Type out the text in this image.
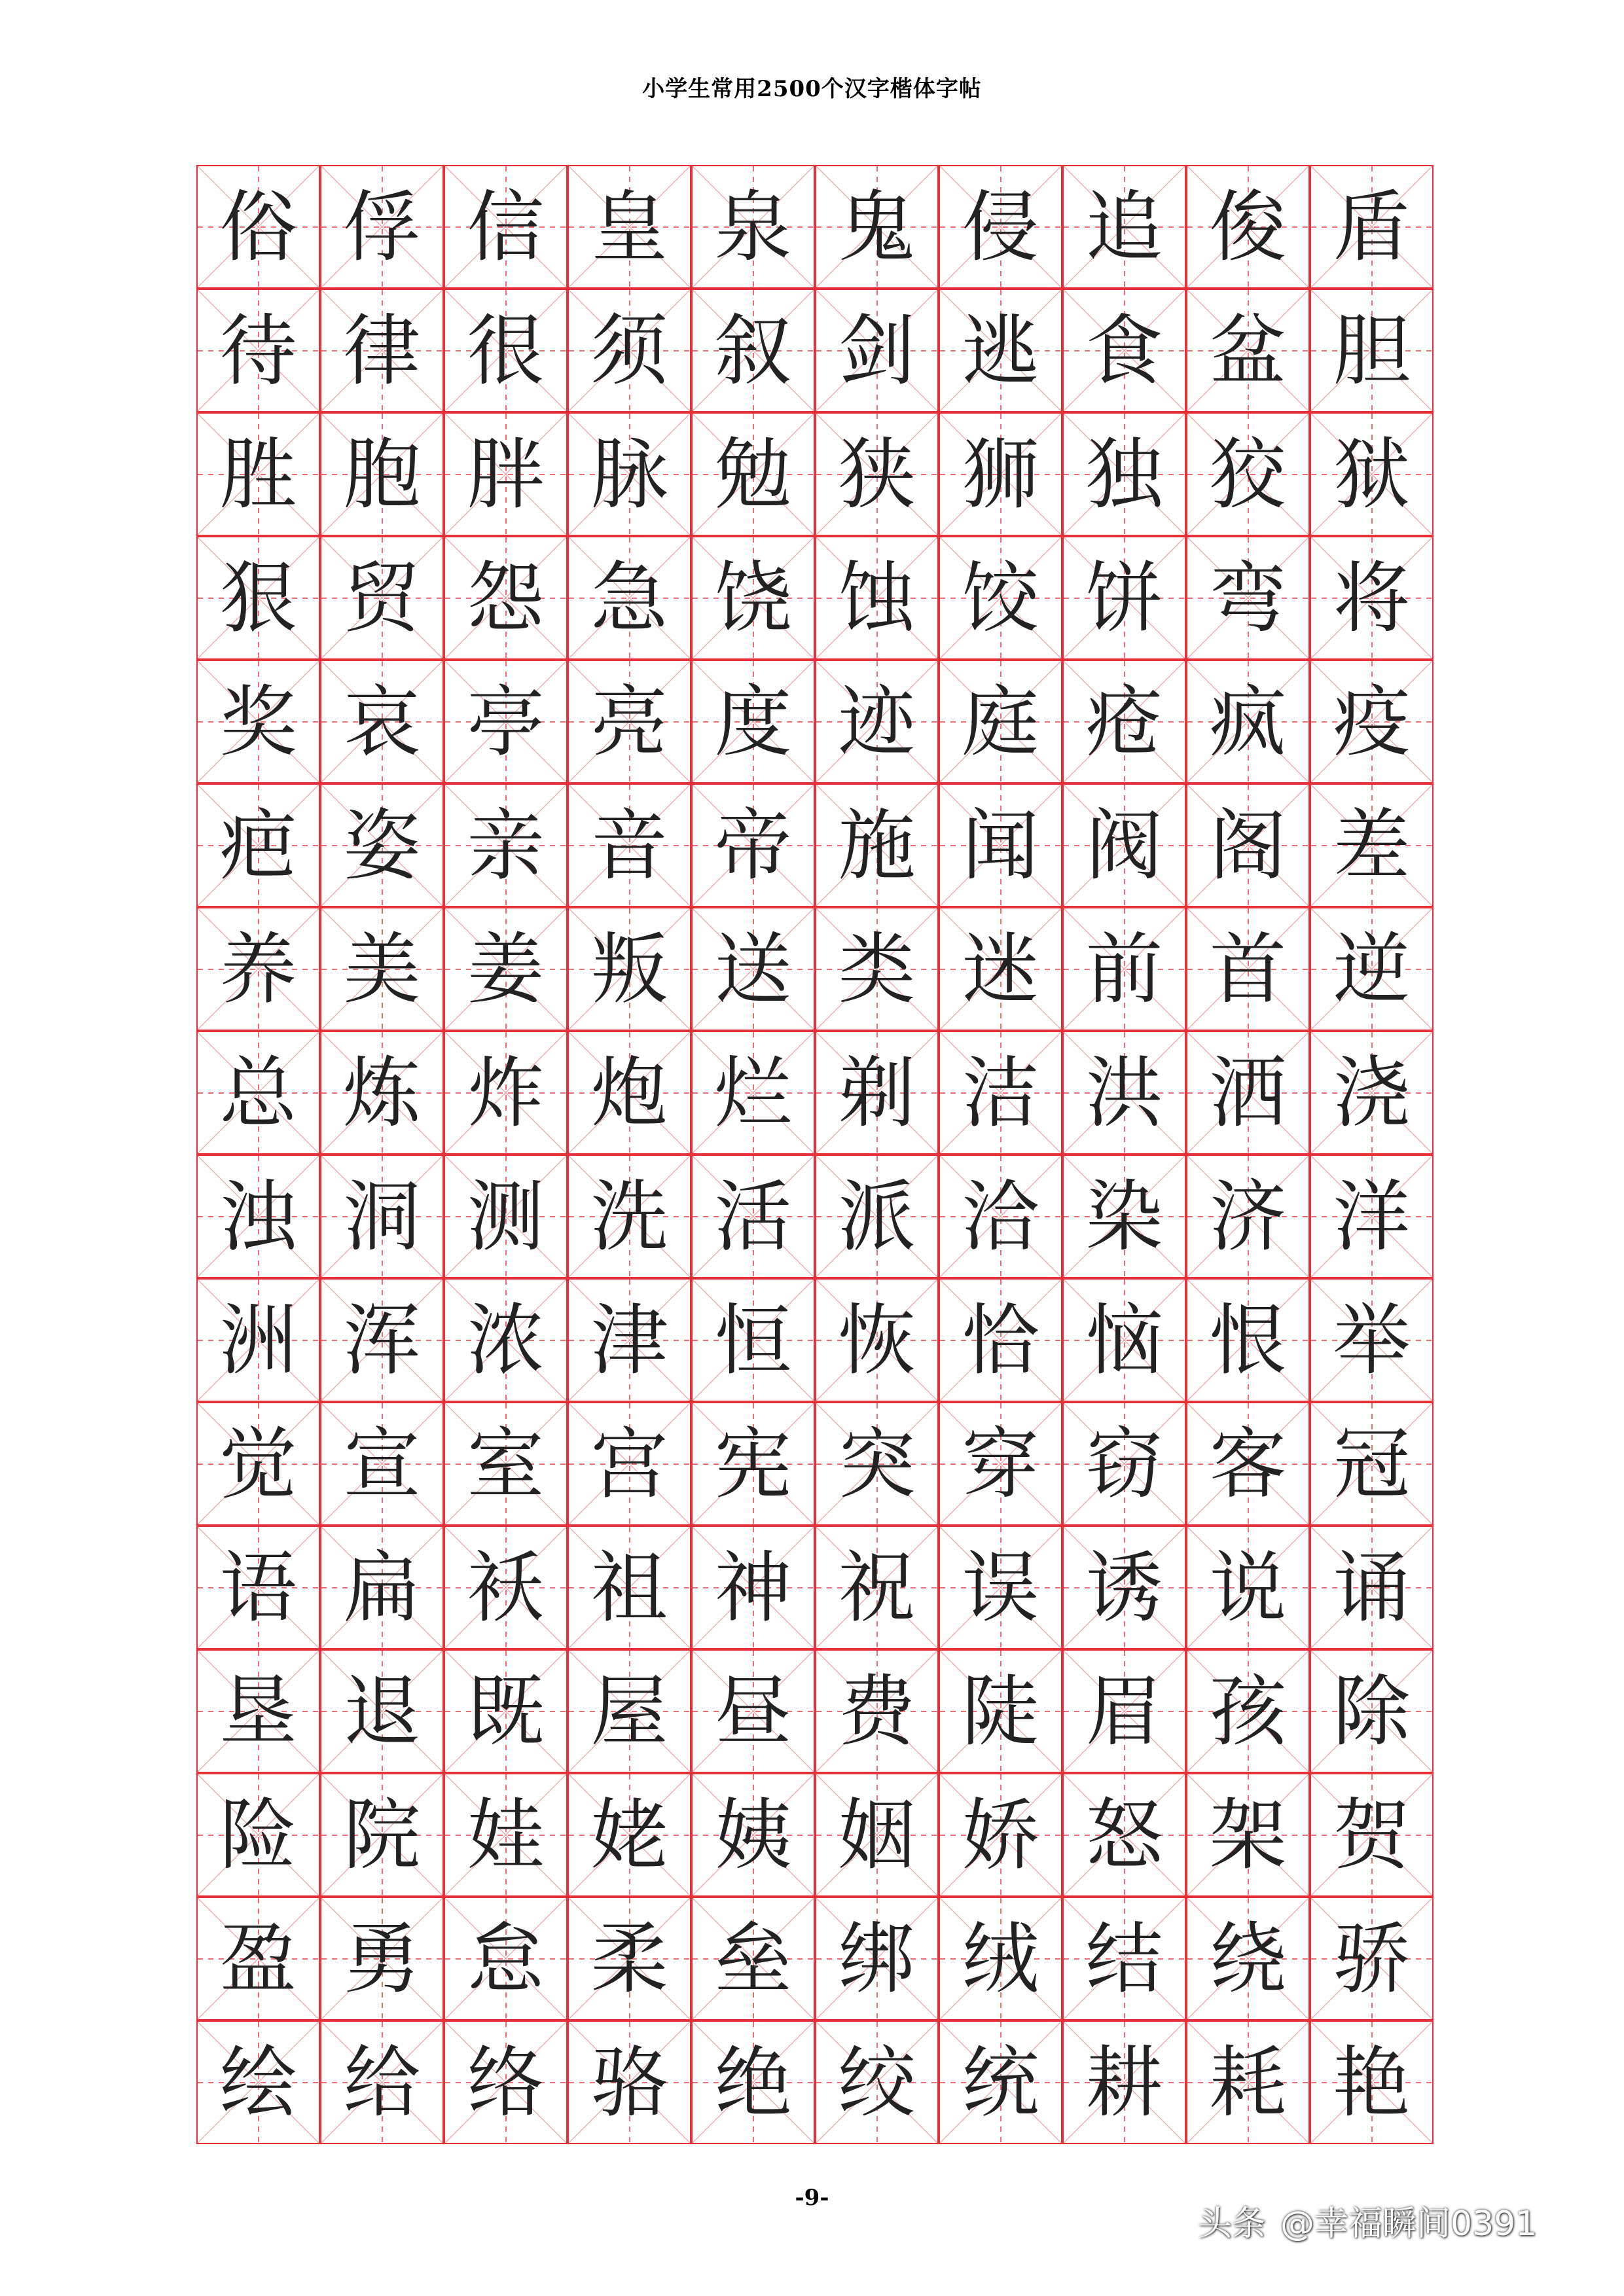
小学生常用2500个汉字楷体字帖
俗 俘 信 皇 泉 鬼 侵 追 俊 盾
待 律 很 须 叙 剑 逃 食 盆 胆
胜 胞 胖 脉 勉 狭 狮 独 狡 狱
狠 贸 怨 急 饶 蚀 饺 饼 弯 将
奖 哀 亭 亮 度 迹 庭 疮 疯 疫
疤 姿 亲 音 帝 施 闻 阀 阁 差
养 美 姜 叛 送 类 迷 前 首 逆
总 炼 炸 炮 烂 剃 洁 洪 洒 浇
浊 洞 测 洗 活 派 洽 染 济 洋
洲 浑 浓 津 恒 恢 恰 恼 恨 举
觉 宣 室 宫 宪 突 穿 窃 客 冠
语 扁 袄 祖 神 祝 误 诱 说 诵
垦 退 既 屋 昼 费 陡 眉 孩 除
险 院 娃 姥 姨 姻 娇 怒 架 贺
盈 勇 怠 柔 垒 绑 绒 结 绕 骄
绘 给 络 骆 绝 绞 统 耕 耗 艳
-9-
头条 @幸福瞬间0391
